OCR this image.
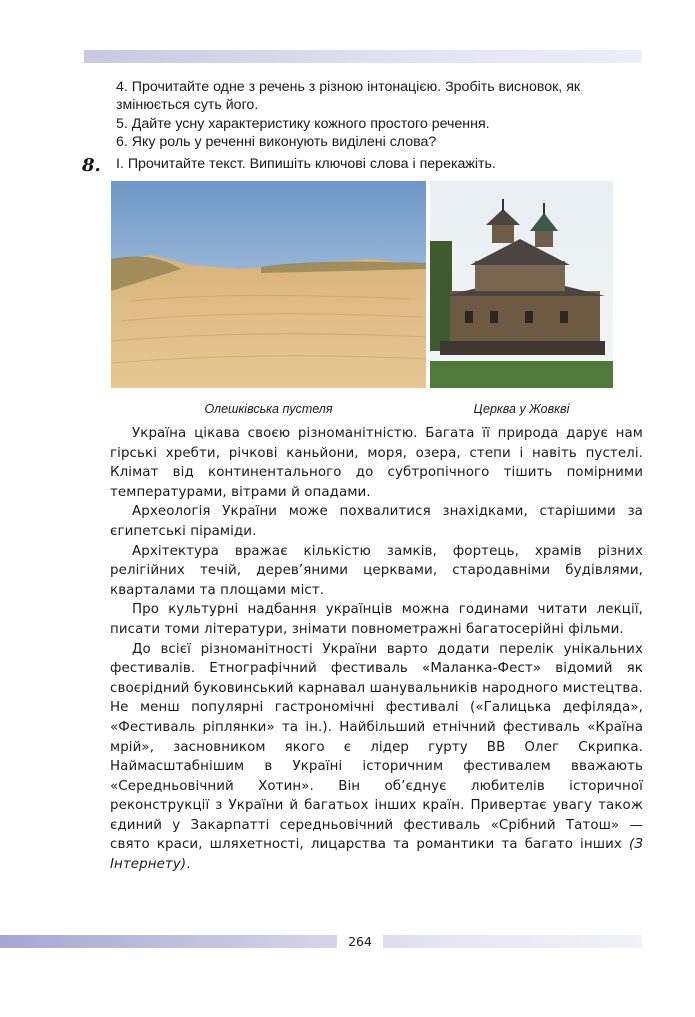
4. Прочитайте одне з речень з різною інтонацією. Зробіть висновок, як
змінюється суть його.
5. Дайте усну характеристику кожного простого речення.
6. Яку роль у реченні виконують виділені слова?
8. І. Прочитайте текст. Випишіть ключові слова і перекажіть.
Олешківська пустеля	Церква у Жовкві

Україна цікава своєю різноманітністю. Багата її природа дарує нам гірські хребти, річкові каньйони, моря, озера, степи і навіть пустелі. Клімат від континентального до субтропічного тішить помірними температурами, вітрами й опадами.

Археологія України може похвалитися знахідками, старішими за єгипетські піраміди.

Архітектура вражає кількістю замків, фортець, храмів різних релігійних течій, дерев’яними церквами, стародавніми будівлями, кварталами та площами міст.

Про культурні надбання українців можна годинами читати лекції, писати томи літератури, знімати повнометражні багатосерійні фільми.

До всієї різноманітності України варто додати перелік унікальних фестивалів. Етнографічний фестиваль «Маланка-Фест» відомий як своєрідний буковинський карнавал шанувальників народного мистецтва. Не менш популярні гастрономічні фестивалі («Галицька дефіляда», «Фестиваль ріплянки» та ін.). Найбільший етнічний фестиваль «Країна мрій», засновником якого є лідер гурту ВВ Олег Скрипка. Наймасштабнішим в Україні історичним фестивалем вважають «Середньовічний Хотин». Він об’єднує любителів історичної реконструкції з України й багатьох інших країн. Привертає увагу також єдиний у Закарпатті середньовічний фестиваль «Срібний Татош» — свято краси, шляхетності, лицарства та романтики та багато інших (З Інтернету).

264
